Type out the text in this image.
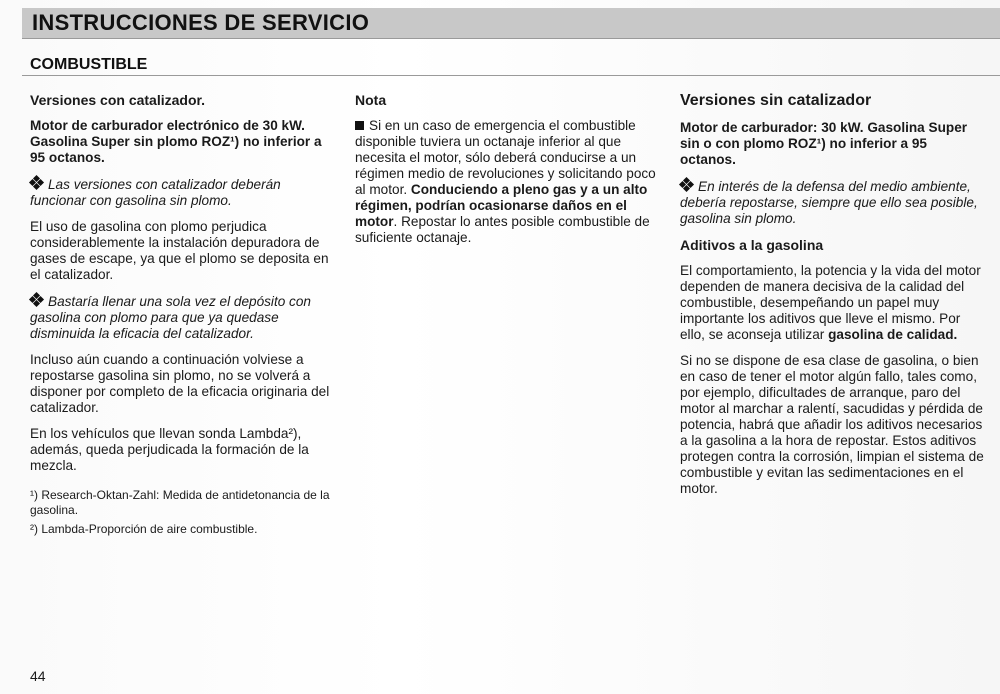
INSTRUCCIONES DE SERVICIO
COMBUSTIBLE
Versiones con catalizador.

Motor de carburador electrónico de 30 kW. Gasolina Super sin plomo ROZ¹) no inferior a 95 octanos.

Las versiones con catalizador deberán funcionar con gasolina sin plomo.

El uso de gasolina con plomo perjudica considerablemente la instalación depuradora de gases de escape, ya que el plomo se deposita en el catalizador.

Bastaría llenar una sola vez el depósito con gasolina con plomo para que ya quedase disminuida la eficacia del catalizador.

Incluso aún cuando a continuación volviese a repostarse gasolina sin plomo, no se volverá a disponer por completo de la eficacia originaria del catalizador.

En los vehículos que llevan sonda Lambda²), además, queda perjudicada la formación de la mezcla.

¹) Research-Oktan-Zahl: Medida de antidetonancia de la gasolina.

²) Lambda-Proporción de aire combustible.

Nota

Si en un caso de emergencia el combustible disponible tuviera un octanaje inferior al que necesita el motor, sólo deberá conducirse a un régimen medio de revoluciones y solicitando poco al motor. Conduciendo a pleno gas y a un alto régimen, podrían ocasionarse daños en el motor. Repostar lo antes posible combustible de suficiente octanaje.

Versiones sin catalizador

Motor de carburador: 30 kW. Gasolina Super sin o con plomo ROZ¹) no inferior a 95 octanos.

En interés de la defensa del medio ambiente, debería repostarse, siempre que ello sea posible, gasolina sin plomo.

Aditivos a la gasolina

El comportamiento, la potencia y la vida del motor dependen de manera decisiva de la calidad del combustible, desempeñando un papel muy importante los aditivos que lleve el mismo. Por ello, se aconseja utilizar gasolina de calidad.

Si no se dispone de esa clase de gasolina, o bien en caso de tener el motor algún fallo, tales como, por ejemplo, dificultades de arranque, paro del motor al marchar a ralentí, sacudidas y pérdida de potencia, habrá que añadir los aditivos necesarios a la gasolina a la hora de repostar. Estos aditivos protegen contra la corrosión, limpian el sistema de combustible y evitan las sedimentaciones en el motor.

44
